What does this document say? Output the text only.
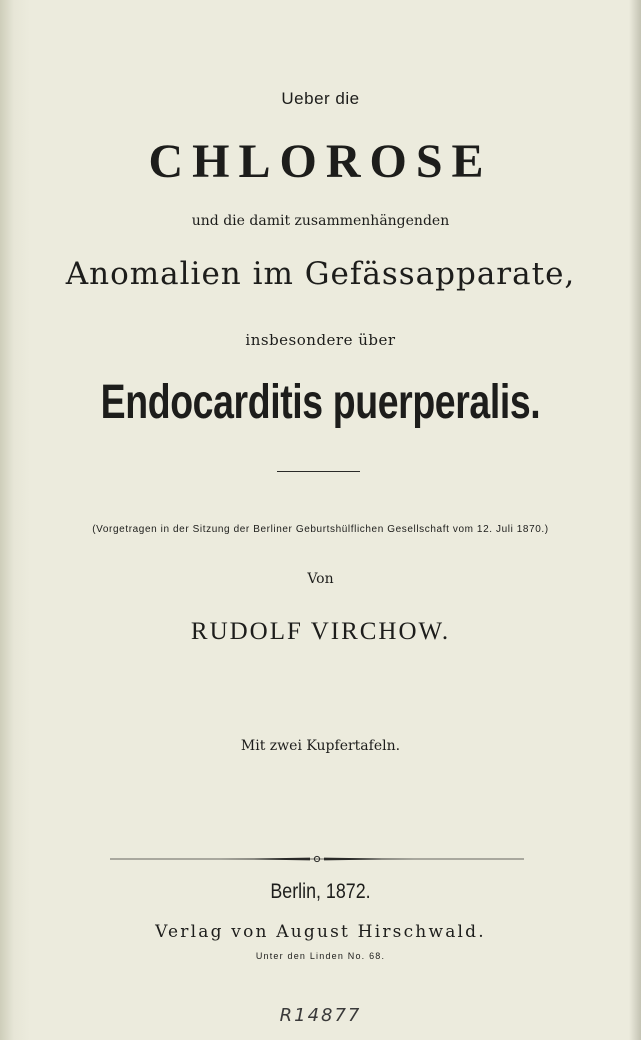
Ueber die
CHLOROSE
und die damit zusammenhängenden
Anomalien im Gefässapparate,
insbesondere über
Endocarditis puerperalis.
(Vorgetragen in der Sitzung der Berliner Geburtshülflichen Gesellschaft vom 12. Juli 1870.)
Von
RUDOLF VIRCHOW.
Mit zwei Kupfertafeln.
Berlin, 1872.
Verlag von August Hirschwald.
Unter den Linden No. 68.
R14877
